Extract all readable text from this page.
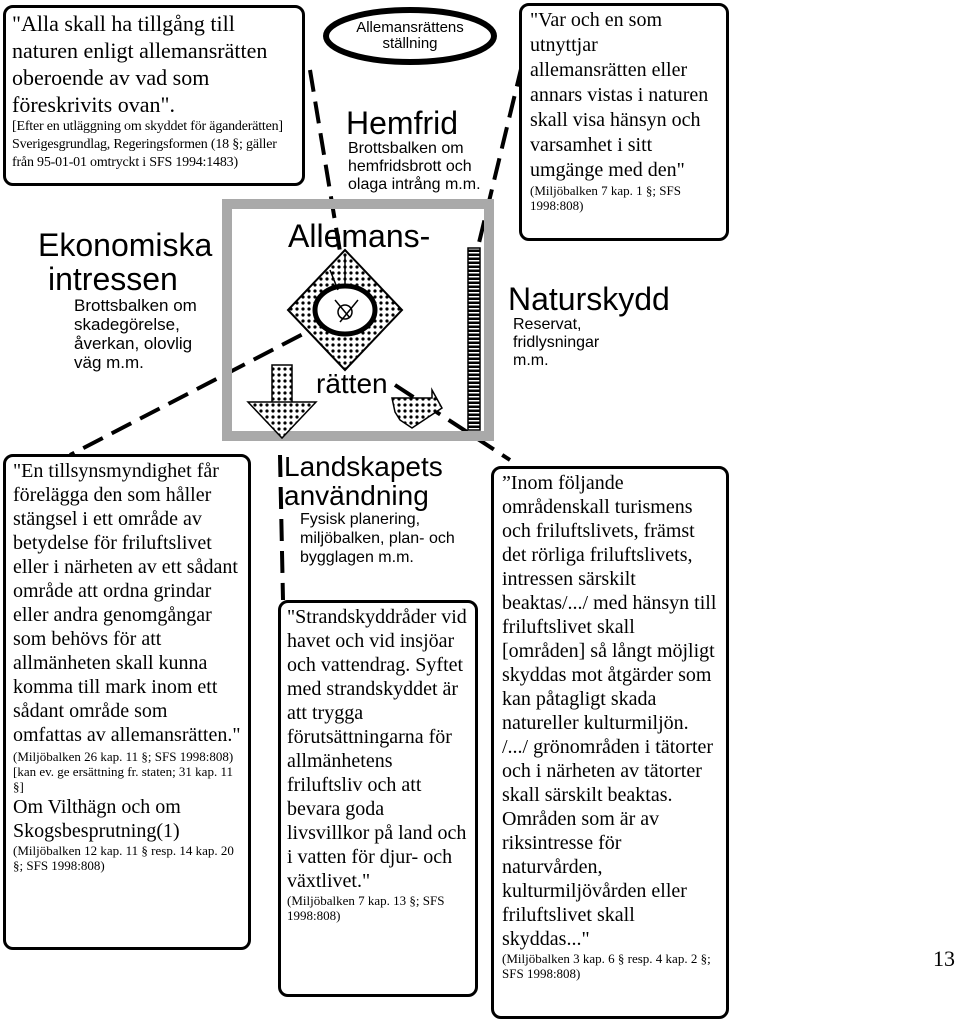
"Alla skall ha tillgång till naturen enligt allemansrätten oberoende av vad som föreskrivits ovan".
[Efter en utläggning om skyddet för äganderätten] Sverigesgrundlag, Regeringsformen (18 §; gäller från 95-01-01 omtryckt i SFS 1994:1483)
Ekonomiska
intressen
Brottsbalken om skadegörelse, åverkan, olovlig väg m.m.
Allemansrättens ställning
Hemfrid
Brottsbalken om hemfridsbrott och olaga intrång m.m.
Allemans-
rätten
"Var och en som utnyttjar allemansrätten eller annars vistas i naturen skall visa hänsyn och varsamhet i sitt umgänge med den"
(Miljöbalken 7 kap. 1 §; SFS 1998:808)
Naturskydd
Reservat, fridlysningar m.m.
"En tillsynsmyndighet får förelägga den som håller stängsel i ett område av betydelse för friluftslivet eller i närheten av ett sådant område att ordna grindar eller andra genomgångar som behövs för att allmänheten skall kunna komma till mark inom ett sådant område som omfattas av allemansrätten."
(Miljöbalken 26 kap. 11 §; SFS 1998:808) [kan ev. ge ersättning fr. staten; 31 kap. 11 §]
Om Vilthägn och om Skogsbesprutning(1)
(Miljöbalken 12 kap. 11 § resp. 14 kap. 20 §; SFS 1998:808)
Landskapets användning
Fysisk planering, miljöbalken, plan- och bygglagen m.m.
"Strandskyddråder vid havet och vid insjöar och vattendrag. Syftet med strandskyddet är att trygga förutsättningarna för allmänhetens friluftsliv och att bevara goda livsvillkor på land och i vatten för djur- och växtlivet."
(Miljöbalken 7 kap. 13 §; SFS 1998:808)
”Inom följande områdenskall turismens och friluftslivets, främst det rörliga friluftslivets, intressen särskilt beaktas/.../ med hänsyn till friluftslivet skall [områden] så långt möjligt skyddas mot åtgärder som kan påtagligt skada natureller kulturmiljön. /.../ grönområden i tätorter och i närheten av tätorter skall särskilt beaktas. Områden som är av riksintresse för naturvården, kulturmiljövården eller friluftslivet skall skyddas..."
(Miljöbalken 3 kap. 6 § resp. 4 kap. 2 §; SFS 1998:808)
13
